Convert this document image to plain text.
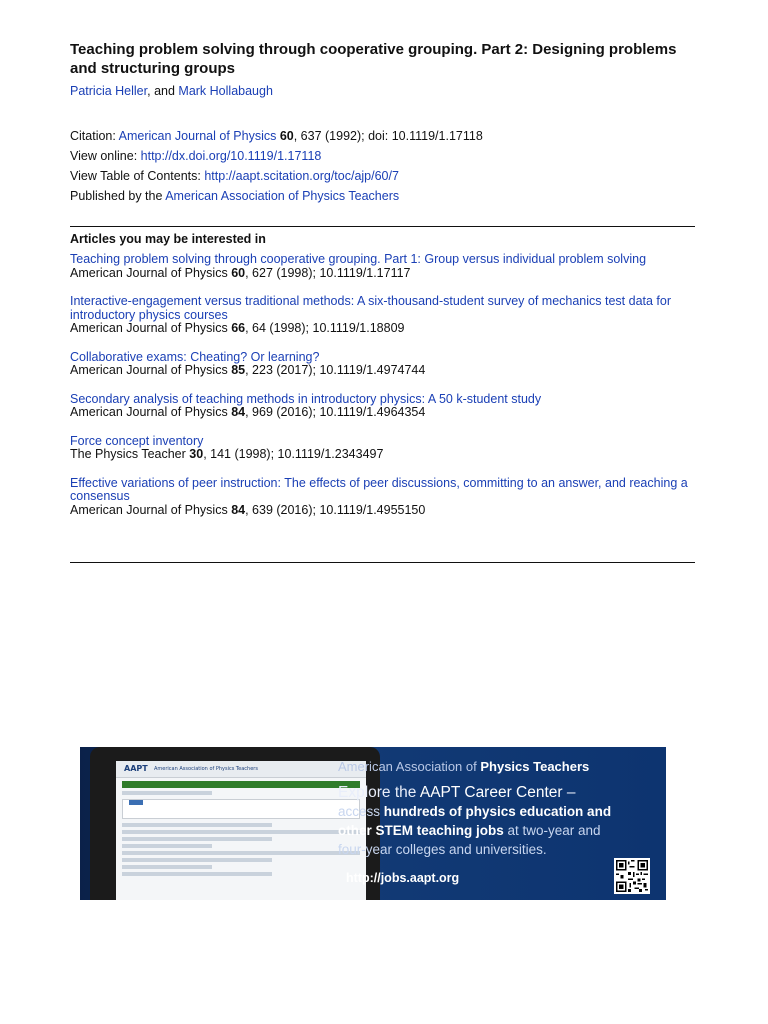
Teaching problem solving through cooperative grouping. Part 2: Designing problems and structuring groups
Patricia Heller, and Mark Hollabaugh
Citation: American Journal of Physics 60, 637 (1992); doi: 10.1119/1.17118
View online: http://dx.doi.org/10.1119/1.17118
View Table of Contents: http://aapt.scitation.org/toc/ajp/60/7
Published by the American Association of Physics Teachers
Articles you may be interested in
Teaching problem solving through cooperative grouping. Part 1: Group versus individual problem solving
American Journal of Physics 60, 627 (1998); 10.1119/1.17117
Interactive-engagement versus traditional methods: A six-thousand-student survey of mechanics test data for introductory physics courses
American Journal of Physics 66, 64 (1998); 10.1119/1.18809
Collaborative exams: Cheating? Or learning?
American Journal of Physics 85, 223 (2017); 10.1119/1.4974744
Secondary analysis of teaching methods in introductory physics: A 50 k-student study
American Journal of Physics 84, 969 (2016); 10.1119/1.4964354
Force concept inventory
The Physics Teacher 30, 141 (1998); 10.1119/1.2343497
Effective variations of peer instruction: The effects of peer discussions, committing to an answer, and reaching a consensus
American Journal of Physics 84, 639 (2016); 10.1119/1.4955150
AAPT American Association of Physics Teachers	American Association of Physics Teachers
Explore the AAPT Career Center –
access hundreds of physics education and
other STEM teaching jobs at two-year and
four-year colleges and universities.
http://jobs.aapt.org
